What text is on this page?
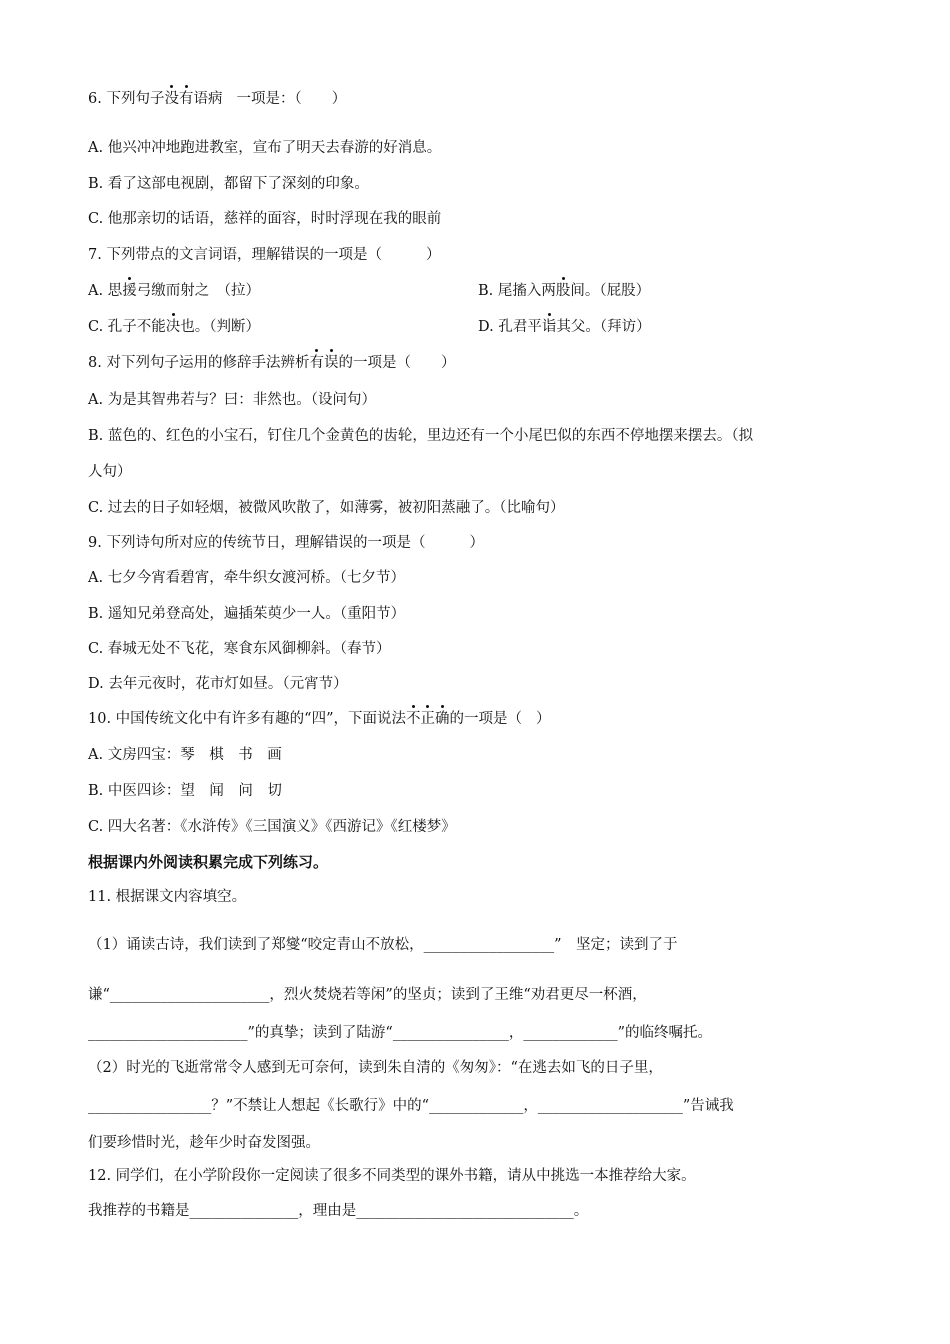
6. 下列句子没有语病 一项是：（ ）
A. 他兴冲冲地跑进教室，宣布了明天去春游的好消息。
B. 看了这部电视剧，都留下了深刻的印象。
C. 他那亲切的话语，慈祥的面容，时时浮现在我的眼前
7. 下列带点的文言词语，理解错误的一项是（	）
A. 思援弓缴而射之　（拉）	B. 尾搐入两股间。（屁股）
C. 孔子不能决也。（判断）	D. 孔君平诣其父。（拜访）
8. 对下列句子运用的修辞手法辨析有误的一项是（ ）
A. 为是其智弗若与？曰：非然也。（设问句）
B. 蓝色的、红色的小宝石，钉住几个金黄色的齿轮，里边还有一个小尾巴似的东西不停地摆来摆去。（拟
人句）
C. 过去的日子如轻烟，被微风吹散了，如薄雾，被初阳蒸融了。（比喻句）
9. 下列诗句所对应的传统节日，理解错误的一项是（	）
A. 七夕今宵看碧宵，牵牛织女渡河桥。（七夕节）
B. 遥知兄弟登高处，遍插茱萸少一人。（重阳节）
C. 春城无处不飞花，寒食东风御柳斜。（春节）
D. 去年元夜时，花市灯如昼。（元宵节）
10. 中国传统文化中有许多有趣的“四”，下面说法不正确的一项是（ ）
A. 文房四宝：琴　棋　书　画
B. 中医四诊：望　闻　问　切
C. 四大名著：《水浒传》《三国演义》《西游记》《红楼梦》
根据课内外阅读积累完成下列练习。
11. 根据课文内容填空。
（1）诵读古诗，我们读到了郑燮“咬定青山不放松，__________________”　坚定；读到了于
谦“______________________，烈火焚烧若等闲”的坚贞；读到了王维“劝君更尽一杯酒，
______________________”的真挚；读到了陆游“________________，_____________”的临终嘱托。
（2）时光的飞逝常常令人感到无可奈何，读到朱自清的《匆匆》：“在逃去如飞的日子里，
_________________？”不禁让人想起《长歌行》中的“_____________，____________________”告诫我
们要珍惜时光，趁年少时奋发图强。
12. 同学们，在小学阶段你一定阅读了很多不同类型的课外书籍，请从中挑选一本推荐给大家。
我推荐的书籍是_______________，理由是______________________________。
